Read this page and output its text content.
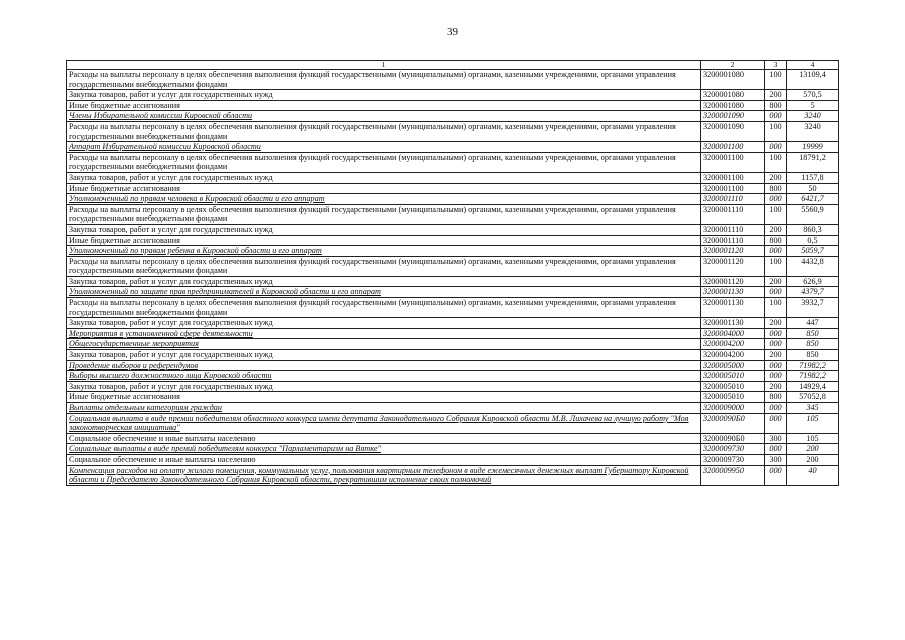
39
1	2	3	4
Расходы на выплаты персоналу в целях обеспечения выполнения функций государственными (муниципальными) органами, казенными учреждениями, органами управления государственными внебюджетными фондами	3200001080	100	13109,4
Закупка товаров, работ и услуг для государственных нужд	3200001080	200	570,5
Иные бюджетные ассигнования	3200001080	800	5
Члены Избирательной комиссии Кировской области	3200001090	000	3240
Расходы на выплаты персоналу в целях обеспечения выполнения функций государственными (муниципальными) органами, казенными учреждениями, органами управления государственными внебюджетными фондами	3200001090	100	3240
Аппарат Избирательной комиссии Кировской области	3200001100	000	19999
Расходы на выплаты персоналу в целях обеспечения выполнения функций государственными (муниципальными) органами, казенными учреждениями, органами управления государственными внебюджетными фондами	3200001100	100	18791,2
Закупка товаров, работ и услуг для государственных нужд	3200001100	200	1157,8
Иные бюджетные ассигнования	3200001100	800	50
Уполномоченный по правам человека в Кировской области и его аппарат	3200001110	000	6421,7
Расходы на выплаты персоналу в целях обеспечения выполнения функций государственными (муниципальными) органами, казенными учреждениями, органами управления государственными внебюджетными фондами	3200001110	100	5560,9
Закупка товаров, работ и услуг для государственных нужд	3200001110	200	860,3
Иные бюджетные ассигнования	3200001110	800	0,5
Уполномоченный по правам ребенка в Кировской области и его аппарат	3200001120	000	5059,7
Расходы на выплаты персоналу в целях обеспечения выполнения функций государственными (муниципальными) органами, казенными учреждениями, органами управления государственными внебюджетными фондами	3200001120	100	4432,8
Закупка товаров, работ и услуг для государственных нужд	3200001120	200	626,9
Уполномоченный по защите прав предпринимателей в Кировской области и его аппарат	3200001130	000	4379,7
Расходы на выплаты персоналу в целях обеспечения выполнения функций государственными (муниципальными) органами, казенными учреждениями, органами управления государственными внебюджетными фондами	3200001130	100	3932,7
Закупка товаров, работ и услуг для государственных нужд	3200001130	200	447
Мероприятия в установленной сфере деятельности	3200004000	000	850
Общегосударственные мероприятия	3200004200	000	850
Закупка товаров, работ и услуг для государственных нужд	3200004200	200	850
Проведение выборов и референдумов	3200005000	000	71982,2
Выборы высшего должностного лица Кировской области	3200005010	000	71982,2
Закупка товаров, работ и услуг для государственных нужд	3200005010	200	14929,4
Иные бюджетные ассигнования	3200005010	800	57052,8
Выплаты отдельным категориям граждан	3200009000	000	345
Социальная выплата в виде премии победителям областного конкурса имени депутата Законодательного Собрания Кировской области М.В. Лихачева на лучшую работу "Моя законотворческая инициатива"	32000090Б0	000	105
Социальное обеспечение и иные выплаты населению	32000090Б0	300	105
Социальные выплаты в виде премий победителям конкурса "Парламентаризм на Вятке"	3200009730	000	200
Социальное обеспечение и иные выплаты населению	3200009730	300	200
Компенсация расходов на оплату жилого помещения, коммунальных услуг, пользования квартирным телефоном в виде ежемесячных денежных выплат Губернатору Кировской области и Председателю Законодательного Собрания Кировской области, прекратившим исполнение своих полномочий	3200009950	000	40
